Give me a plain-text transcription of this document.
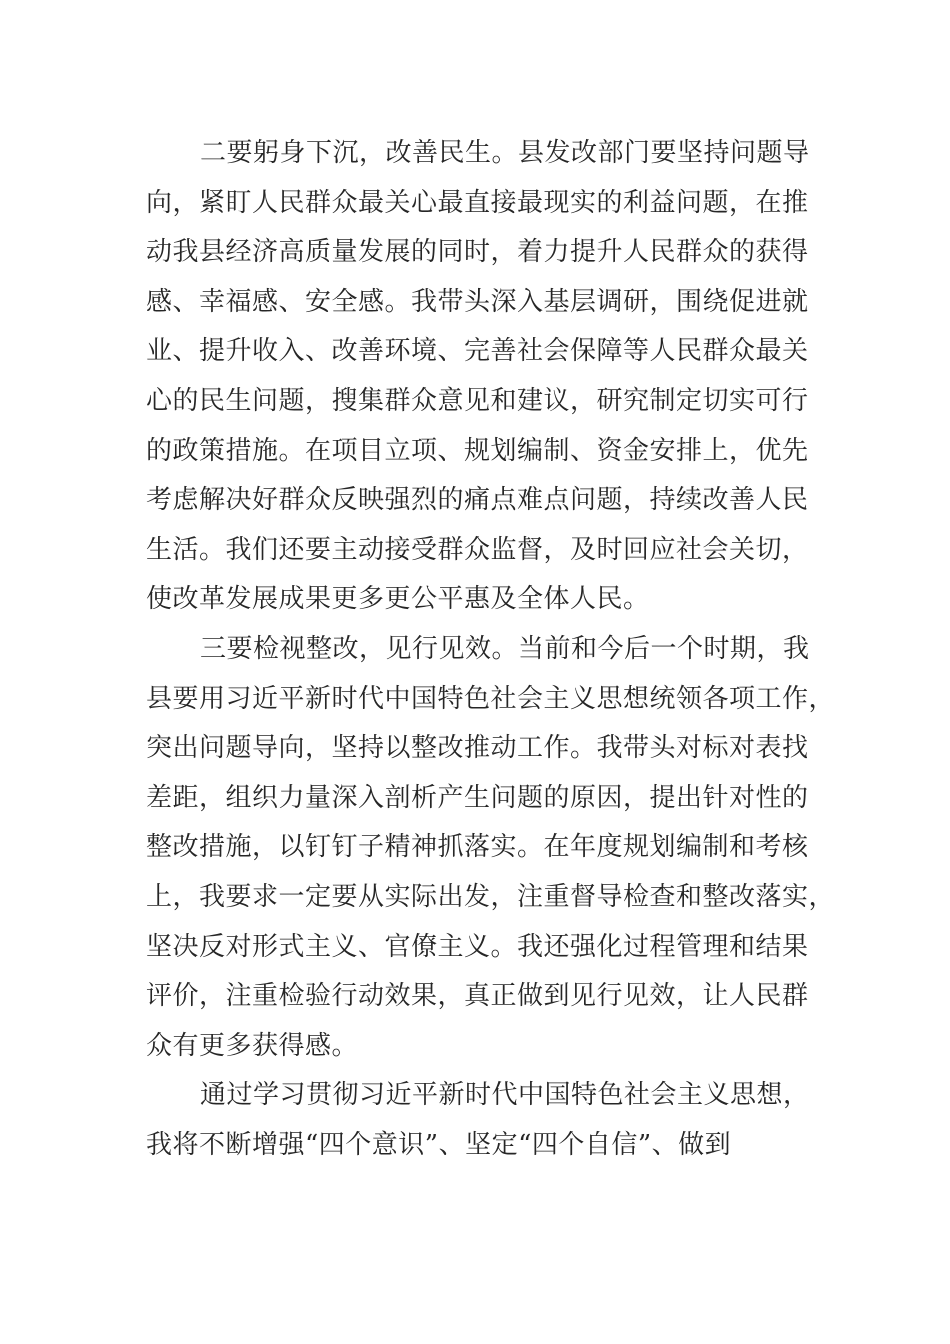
二要躬身下沉，改善民生。县发改部门要坚持问题导
向，紧盯人民群众最关心最直接最现实的利益问题，在推
动我县经济高质量发展的同时，着力提升人民群众的获得
感、幸福感、安全感。我带头深入基层调研，围绕促进就
业、提升收入、改善环境、完善社会保障等人民群众最关
心的民生问题，搜集群众意见和建议，研究制定切实可行
的政策措施。在项目立项、规划编制、资金安排上，优先
考虑解决好群众反映强烈的痛点难点问题，持续改善人民
生活。我们还要主动接受群众监督，及时回应社会关切，
使改革发展成果更多更公平惠及全体人民。
三要检视整改，见行见效。当前和今后一个时期，我
县要用习近平新时代中国特色社会主义思想统领各项工作，
突出问题导向，坚持以整改推动工作。我带头对标对表找
差距，组织力量深入剖析产生问题的原因，提出针对性的
整改措施，以钉钉子精神抓落实。在年度规划编制和考核
上，我要求一定要从实际出发，注重督导检查和整改落实，
坚决反对形式主义、官僚主义。我还强化过程管理和结果
评价，注重检验行动效果，真正做到见行见效，让人民群
众有更多获得感。
通过学习贯彻习近平新时代中国特色社会主义思想，
我将不断增强“四个意识”、坚定“四个自信”、做到
